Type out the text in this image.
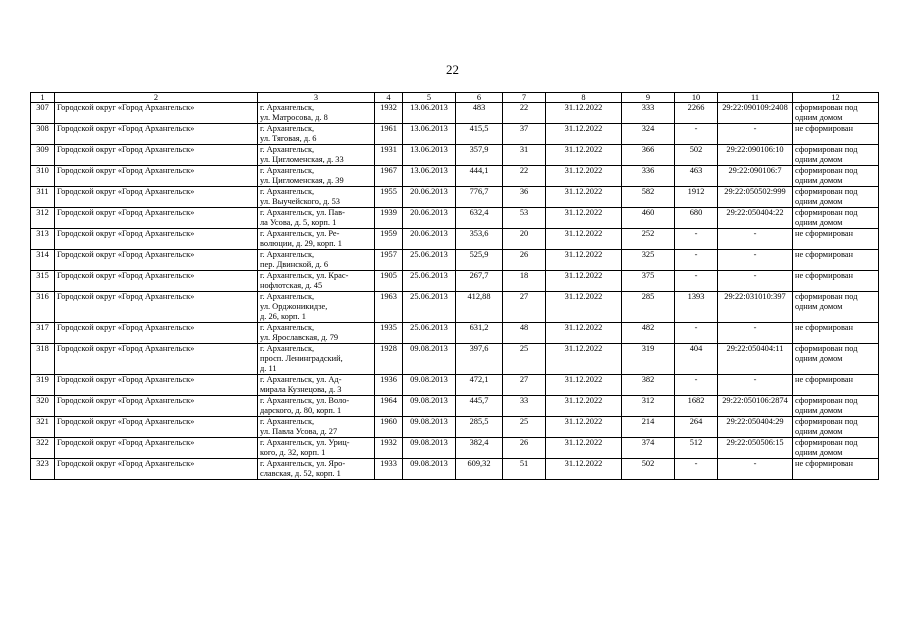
22
1	2	3	4	5	6	7	8	9	10	11	12
307	Городской округ «Город Архангельск»	г. Архангельск,
ул. Матросова, д. 8	1932	13.06.2013	483	22	31.12.2022	333	2266	29:22:090109:2408	сформирован под одним домом
308	Городской округ «Город Архангельск»	г. Архангельск,
ул. Тяговая, д. 6	1961	13.06.2013	415,5	37	31.12.2022	324	-	-	не сформирован
309	Городской округ «Город Архангельск»	г. Архангельск,
ул. Цигломенская, д. 33	1931	13.06.2013	357,9	31	31.12.2022	366	502	29:22:090106:10	сформирован под одним домом
310	Городской округ «Город Архангельск»	г. Архангельск,
ул. Цигломенская, д. 39	1967	13.06.2013	444,1	22	31.12.2022	336	463	29:22:090106:7	сформирован под одним домом
311	Городской округ «Город Архангельск»	г. Архангельск,
ул. Выучейского, д. 53	1955	20.06.2013	776,7	36	31.12.2022	582	1912	29:22:050502:999	сформирован под одним домом
312	Городской округ «Город Архангельск»	г. Архангельск, ул. Пав-
ла Усова, д. 5, корп. 1	1939	20.06.2013	632,4	53	31.12.2022	460	680	29:22:050404:22	сформирован под одним домом
313	Городской округ «Город Архангельск»	г. Архангельск, ул. Ре-
волюции, д. 29, корп. 1	1959	20.06.2013	353,6	20	31.12.2022	252	-	-	не сформирован
314	Городской округ «Город Архангельск»	г. Архангельск,
пер. Двинской, д. 6	1957	25.06.2013	525,9	26	31.12.2022	325	-	-	не сформирован
315	Городской округ «Город Архангельск»	г. Архангельск, ул. Крас-
нофлотская, д. 45	1905	25.06.2013	267,7	18	31.12.2022	375	-	-	не сформирован
316	Городской округ «Город Архангельск»	г. Архангельск,
ул. Орджоникидзе,
д. 26, корп. 1	1963	25.06.2013	412,88	27	31.12.2022	285	1393	29:22:031010:397	сформирован под одним домом
317	Городской округ «Город Архангельск»	г. Архангельск,
ул. Ярославская, д. 79	1935	25.06.2013	631,2	48	31.12.2022	482	-	-	не сформирован
318	Городской округ «Город Архангельск»	г. Архангельск,
просп. Ленинградский,
д. 11	1928	09.08.2013	397,6	25	31.12.2022	319	404	29:22:050404:11	сформирован под одним домом
319	Городской округ «Город Архангельск»	г. Архангельск, ул. Ад-
мирала Кузнецова, д. 3	1936	09.08.2013	472,1	27	31.12.2022	382	-	-	не сформирован
320	Городской округ «Город Архангельск»	г. Архангельск, ул. Воло-
дарского, д. 80, корп. 1	1964	09.08.2013	445,7	33	31.12.2022	312	1682	29:22:050106:2874	сформирован под одним домом
321	Городской округ «Город Архангельск»	г. Архангельск,
ул. Павла Усова, д. 27	1960	09.08.2013	285,5	25	31.12.2022	214	264	29:22:050404:29	сформирован под одним домом
322	Городской округ «Город Архангельск»	г. Архангельск, ул. Уриц-
кого, д. 32, корп. 1	1932	09.08.2013	382,4	26	31.12.2022	374	512	29:22:050506:15	сформирован под одним домом
323	Городской округ «Город Архангельск»	г. Архангельск, ул. Яро-
славская, д. 52, корп. 1	1933	09.08.2013	609,32	51	31.12.2022	502	-	-	не сформирован
